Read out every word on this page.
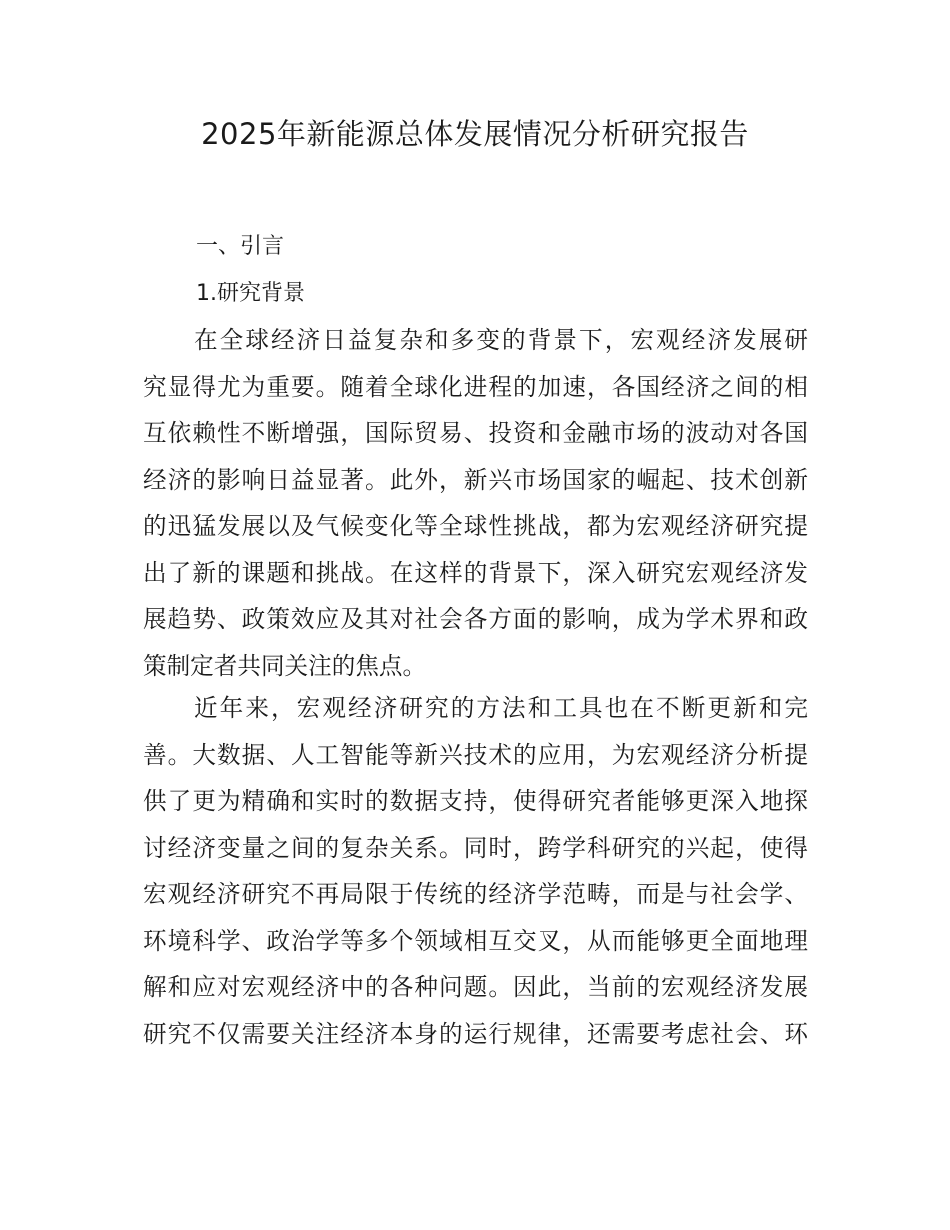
2025年新能源总体发展情况分析研究报告
一、引言
1.研究背景
在全球经济日益复杂和多变的背景下，宏观经济发展研
究显得尤为重要。随着全球化进程的加速，各国经济之间的相
互依赖性不断增强，国际贸易、投资和金融市场的波动对各国
经济的影响日益显著。此外，新兴市场国家的崛起、技术创新
的迅猛发展以及气候变化等全球性挑战，都为宏观经济研究提
出了新的课题和挑战。在这样的背景下，深入研究宏观经济发
展趋势、政策效应及其对社会各方面的影响，成为学术界和政
策制定者共同关注的焦点。
近年来，宏观经济研究的方法和工具也在不断更新和完
善。大数据、人工智能等新兴技术的应用，为宏观经济分析提
供了更为精确和实时的数据支持，使得研究者能够更深入地探
讨经济变量之间的复杂关系。同时，跨学科研究的兴起，使得
宏观经济研究不再局限于传统的经济学范畴，而是与社会学、
环境科学、政治学等多个领域相互交叉，从而能够更全面地理
解和应对宏观经济中的各种问题。因此，当前的宏观经济发展
研究不仅需要关注经济本身的运行规律，还需要考虑社会、环
